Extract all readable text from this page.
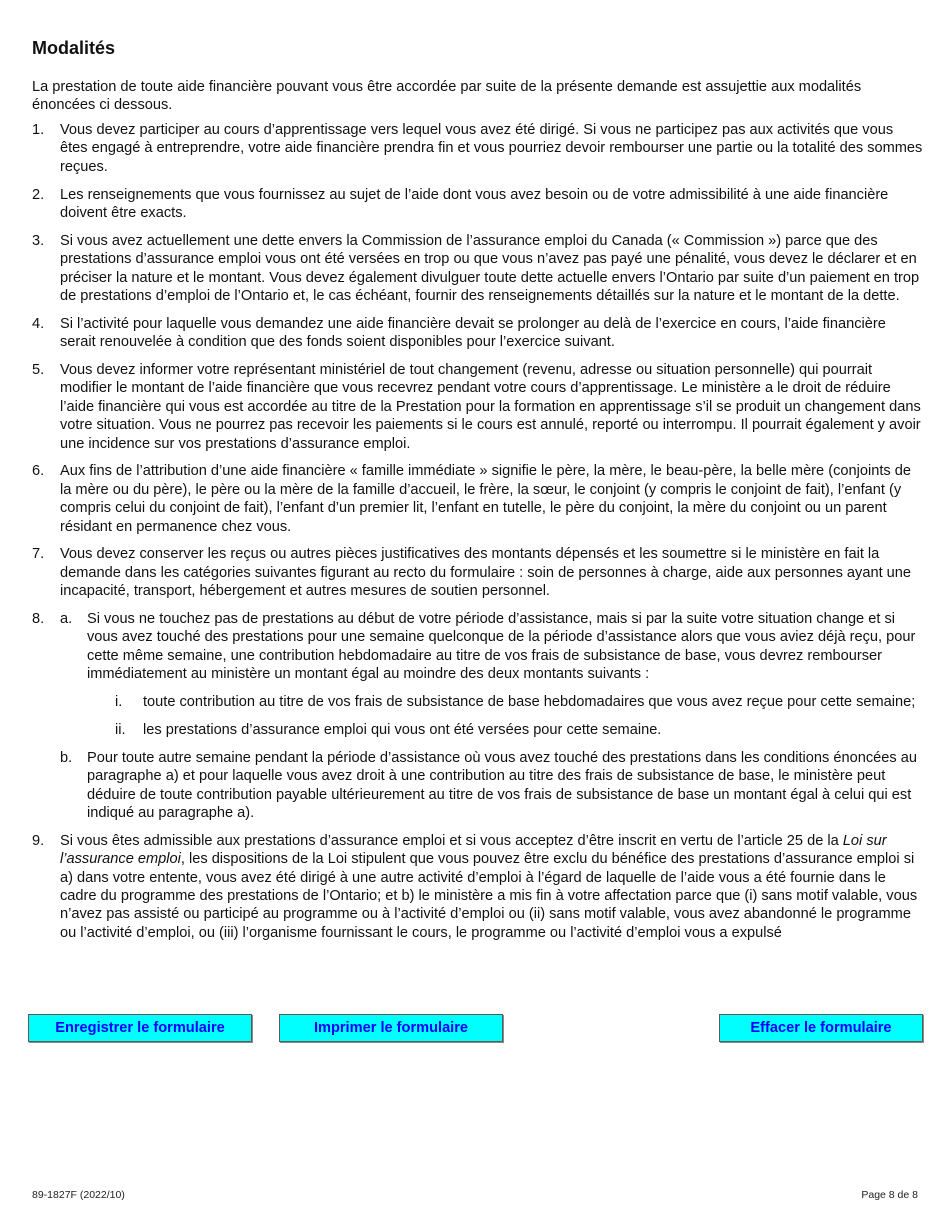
Modalités

La prestation de toute aide financière pouvant vous être accordée par suite de la présente demande est assujettie aux modalités énoncées ci dessous.

1.	Vous devez participer au cours d’apprentissage vers lequel vous avez été dirigé. Si vous ne participez pas aux activités que vous êtes engagé à entreprendre, votre aide financière prendra fin et vous pourriez devoir rembourser une partie ou la totalité des sommes reçues.
2.	Les renseignements que vous fournissez au sujet de l’aide dont vous avez besoin ou de votre admissibilité à une aide financière doivent être exacts.
3.	Si vous avez actuellement une dette envers la Commission de l’assurance emploi du Canada (« Commission ») parce que des prestations d’assurance emploi vous ont été versées en trop ou que vous n’avez pas payé une pénalité, vous devez le déclarer et en préciser la nature et le montant. Vous devez également divulguer toute dette actuelle envers l’Ontario par suite d’un paiement en trop de prestations d’emploi de l’Ontario et, le cas échéant, fournir des renseignements détaillés sur la nature et le montant de la dette.
4.	Si l’activité pour laquelle vous demandez une aide financière devait se prolonger au delà de l’exercice en cours, l’aide financière serait renouvelée à condition que des fonds soient disponibles pour l’exercice suivant.
5.	Vous devez informer votre représentant ministériel de tout changement (revenu, adresse ou situation personnelle) qui pourrait modifier le montant de l’aide financière que vous recevrez pendant votre cours d’apprentissage. Le ministère a le droit de réduire l’aide financière qui vous est accordée au titre de la Prestation pour la formation en apprentissage s’il se produit un changement dans votre situation. Vous ne pourrez pas recevoir les paiements si le cours est annulé, reporté ou interrompu. Il pourrait également y avoir une incidence sur vos prestations d’assurance emploi.
6.	Aux fins de l’attribution d’une aide financière « famille immédiate » signifie le père, la mère, le beau-père, la belle mère (conjoints de la mère ou du père), le père ou la mère de la famille d’accueil, le frère, la sœur, le conjoint (y compris le conjoint de fait), l’enfant (y compris celui du conjoint de fait), l’enfant d’un premier lit, l’enfant en tutelle, le père du conjoint, la mère du conjoint ou un parent résidant en permanence chez vous.
7.	Vous devez conserver les reçus ou autres pièces justificatives des montants dépensés et les soumettre si le ministère en fait la demande dans les catégories suivantes figurant au recto du formulaire : soin de personnes à charge, aide aux personnes ayant une incapacité, transport, hébergement et autres mesures de soutien personnel.
8.	a.	Si vous ne touchez pas de prestations au début de votre période d’assistance, mais si par la suite votre situation change et si vous avez touché des prestations pour une semaine quelconque de la période d’assistance alors que vous aviez déjà reçu, pour cette même semaine, une contribution hebdomadaire au titre de vos frais de subsistance de base, vous devrez rembourser immédiatement au ministère un montant égal au moindre des deux montants suivants :
i.	toute contribution au titre de vos frais de subsistance de base hebdomadaires que vous avez reçue pour cette semaine;
ii.	les prestations d’assurance emploi qui vous ont été versées pour cette semaine.
b.	Pour toute autre semaine pendant la période d’assistance où vous avez touché des prestations dans les conditions énoncées au paragraphe a) et pour laquelle vous avez droit à une contribution au titre des frais de subsistance de base, le ministère peut déduire de toute contribution payable ultérieurement au titre de vos frais de subsistance de base un montant égal à celui qui est indiqué au paragraphe a).
9.	Si vous êtes admissible aux prestations d’assurance emploi et si vous acceptez d’être inscrit en vertu de l’article 25 de la Loi sur l’assurance emploi, les dispositions de la Loi stipulent que vous pouvez être exclu du bénéfice des prestations d’assurance emploi si a) dans votre entente, vous avez été dirigé à une autre activité d’emploi à l’égard de laquelle de l’aide vous a été fournie dans le cadre du programme des prestations de l’Ontario; et b) le ministère a mis fin à votre affectation parce que (i) sans motif valable, vous n’avez pas assisté ou participé au programme ou à l’activité d’emploi ou (ii) sans motif valable, vous avez abandonné le programme ou l’activité d’emploi, ou (iii) l’organisme fournissant le cours, le programme ou l’activité d’emploi vous a expulsé
Enregistrer le formulaire	Imprimer le formulaire	Effacer le formulaire
89-1827F (2022/10)	Page 8 de 8
